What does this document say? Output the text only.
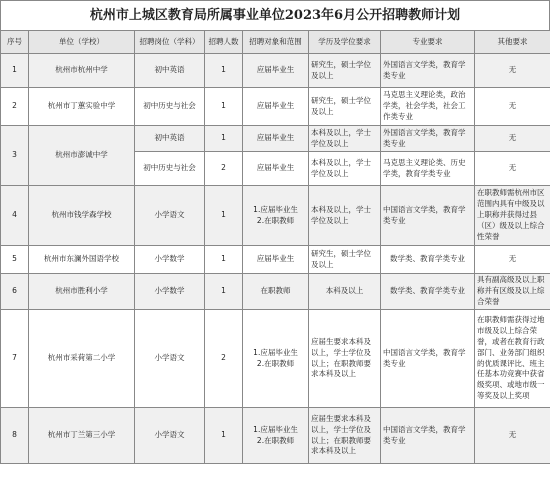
杭州市上城区教育局所属事业单位2023年6月公开招聘教师计划
序号	单位（学校）	招聘岗位（学科）	招聘人数	招聘对象和范围	学历及学位要求	专业要求	其他要求
1	杭州市杭州中学	初中英语	1	应届毕业生	研究生，硕士学位及以上	外国语言文学类，教育学类专业	无
2	杭州市丁蕙实验中学	初中历史与社会	1	应届毕业生	研究生，硕士学位及以上	马克思主义理论类，政治学类，社会学类，社会工作类专业	无
3	杭州市澎诚中学	初中英语	1	应届毕业生	本科及以上，学士学位及以上	外国语言文学类，教育学类专业	无
		初中历史与社会	2	应届毕业生	本科及以上，学士学位及以上	马克思主义理论类、历史学类，教育学类专业	无
4	杭州市钱学森学校	小学语文	1	1.应届毕业生
2.在职教师	本科及以上，学士学位及以上	中国语言文学类，教育学类专业	在职教师需杭州市区范围内具有中级及以上职称并获得过县（区）级及以上综合性荣誉
5	杭州市东澜外国语学校	小学数学	1	应届毕业生	研究生，硕士学位及以上	数学类、教育学类专业	无
6	杭州市胜利小学	小学数学	1	在职教师	本科及以上	数学类、教育学类专业	具有副高级及以上职称并有区级及以上综合荣誉
7	杭州市采荷第二小学	小学语文	2	1.应届毕业生
2.在职教师	应届生要求本科及以上，学士学位及以上；在职教师要求本科及以上	中国语言文学类，教育学类专业	在职教师需获得过地市级及以上综合荣誉，或者在教育行政部门、业务部门组织的优质课评比、班主任基本功竞赛中获省级奖项、或地市级一等奖及以上奖项
8	杭州市丁兰第三小学	小学语文	1	1.应届毕业生
2.在职教师	应届生要求本科及以上，学士学位及以上；在职教师要求本科及以上	中国语言文学类，教育学类专业	无
